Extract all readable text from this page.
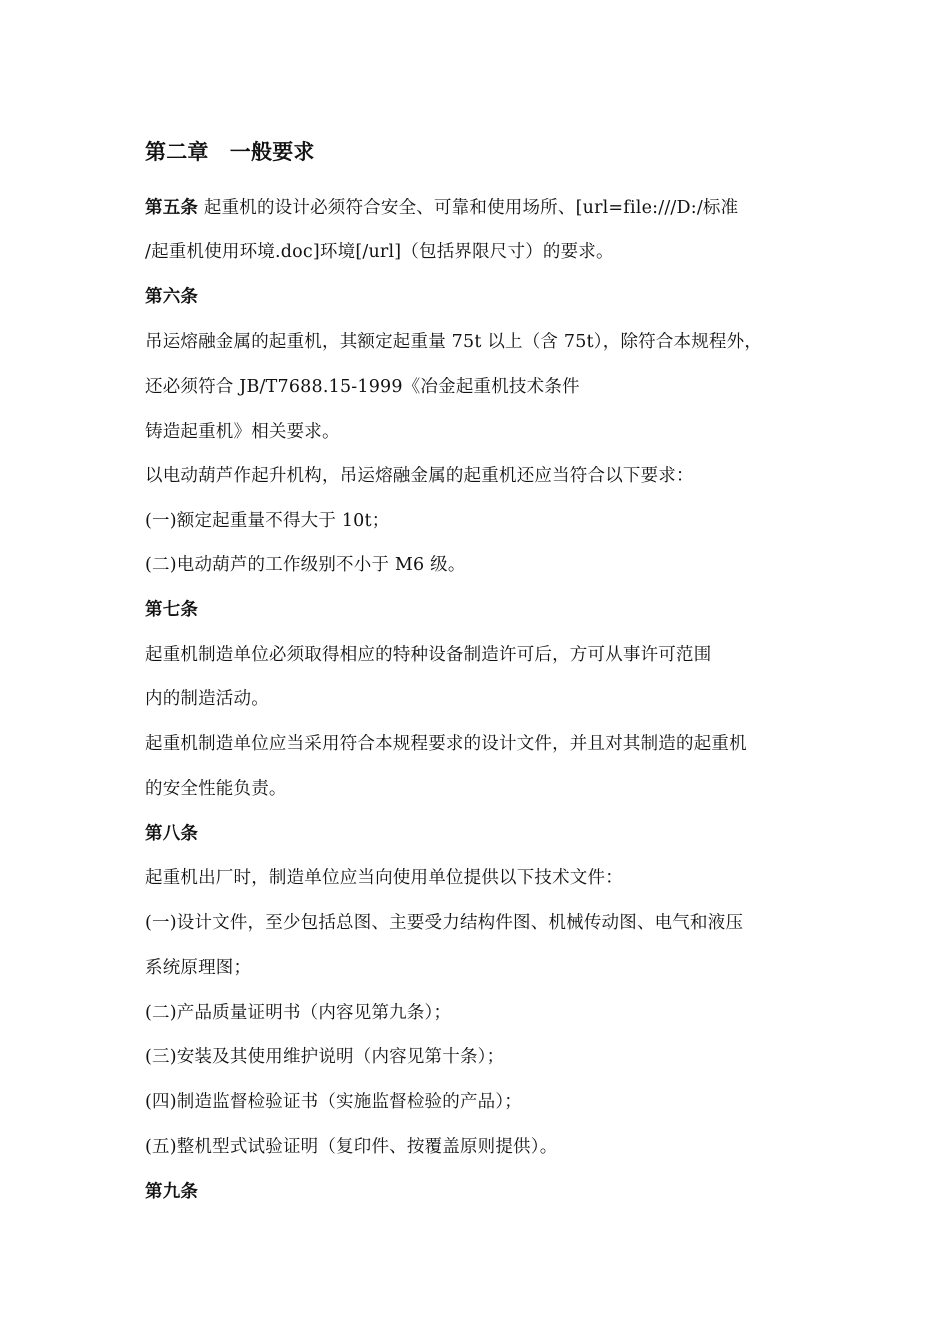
第二章　一般要求
第五条 起重机的设计必须符合安全、可靠和使用场所、[url=file:///D:/标准
/起重机使用环境.doc]环境[/url]（包括界限尺寸）的要求。
第六条
吊运熔融金属的起重机，其额定起重量 75t 以上（含 75t），除符合本规程外，
还必须符合 JB/T7688.15-1999《冶金起重机技术条件
铸造起重机》相关要求。
以电动葫芦作起升机构，吊运熔融金属的起重机还应当符合以下要求：
(一)额定起重量不得大于 10t；
(二)电动葫芦的工作级别不小于 M6 级。
第七条
起重机制造单位必须取得相应的特种设备制造许可后，方可从事许可范围
内的制造活动。
起重机制造单位应当采用符合本规程要求的设计文件，并且对其制造的起重机
的安全性能负责。
第八条
起重机出厂时，制造单位应当向使用单位提供以下技术文件：
(一)设计文件，至少包括总图、主要受力结构件图、机械传动图、电气和液压
系统原理图；
(二)产品质量证明书（内容见第九条）；
(三)安装及其使用维护说明（内容见第十条）；
(四)制造监督检验证书（实施监督检验的产品）；
(五)整机型式试验证明（复印件、按覆盖原则提供）。
第九条
